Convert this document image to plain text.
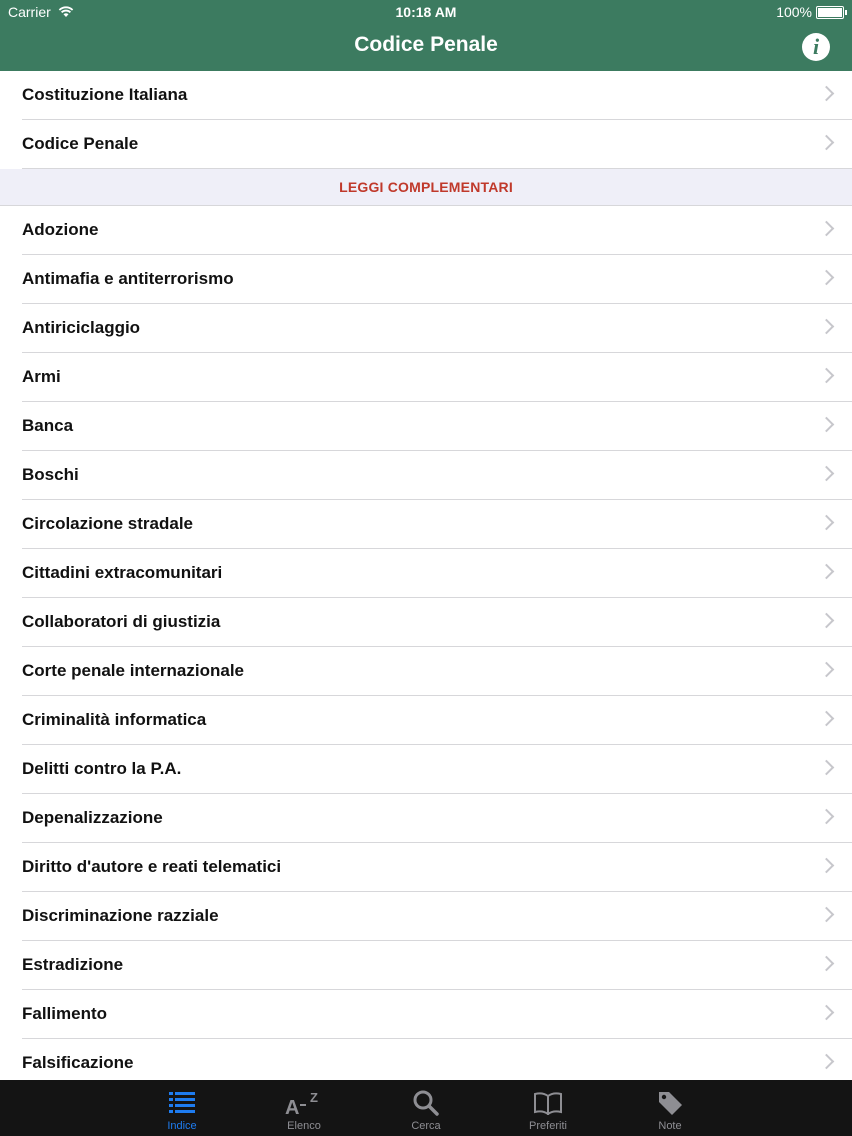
Carrier	10:18 AM	100%
Codice Penale	i
Costituzione Italiana
Codice Penale
LEGGI COMPLEMENTARI
Adozione
Antimafia e antiterrorismo
Antiriciclaggio
Armi
Banca
Boschi
Circolazione stradale
Cittadini extracomunitari
Collaboratori di giustizia
Corte penale internazionale
Criminalità informatica
Delitti contro la P.A.
Depenalizzazione
Diritto d'autore e reati telematici
Discriminazione razziale
Estradizione
Fallimento
Falsificazione
Indice
A Z
Elenco	Cerca	Preferiti	Note
